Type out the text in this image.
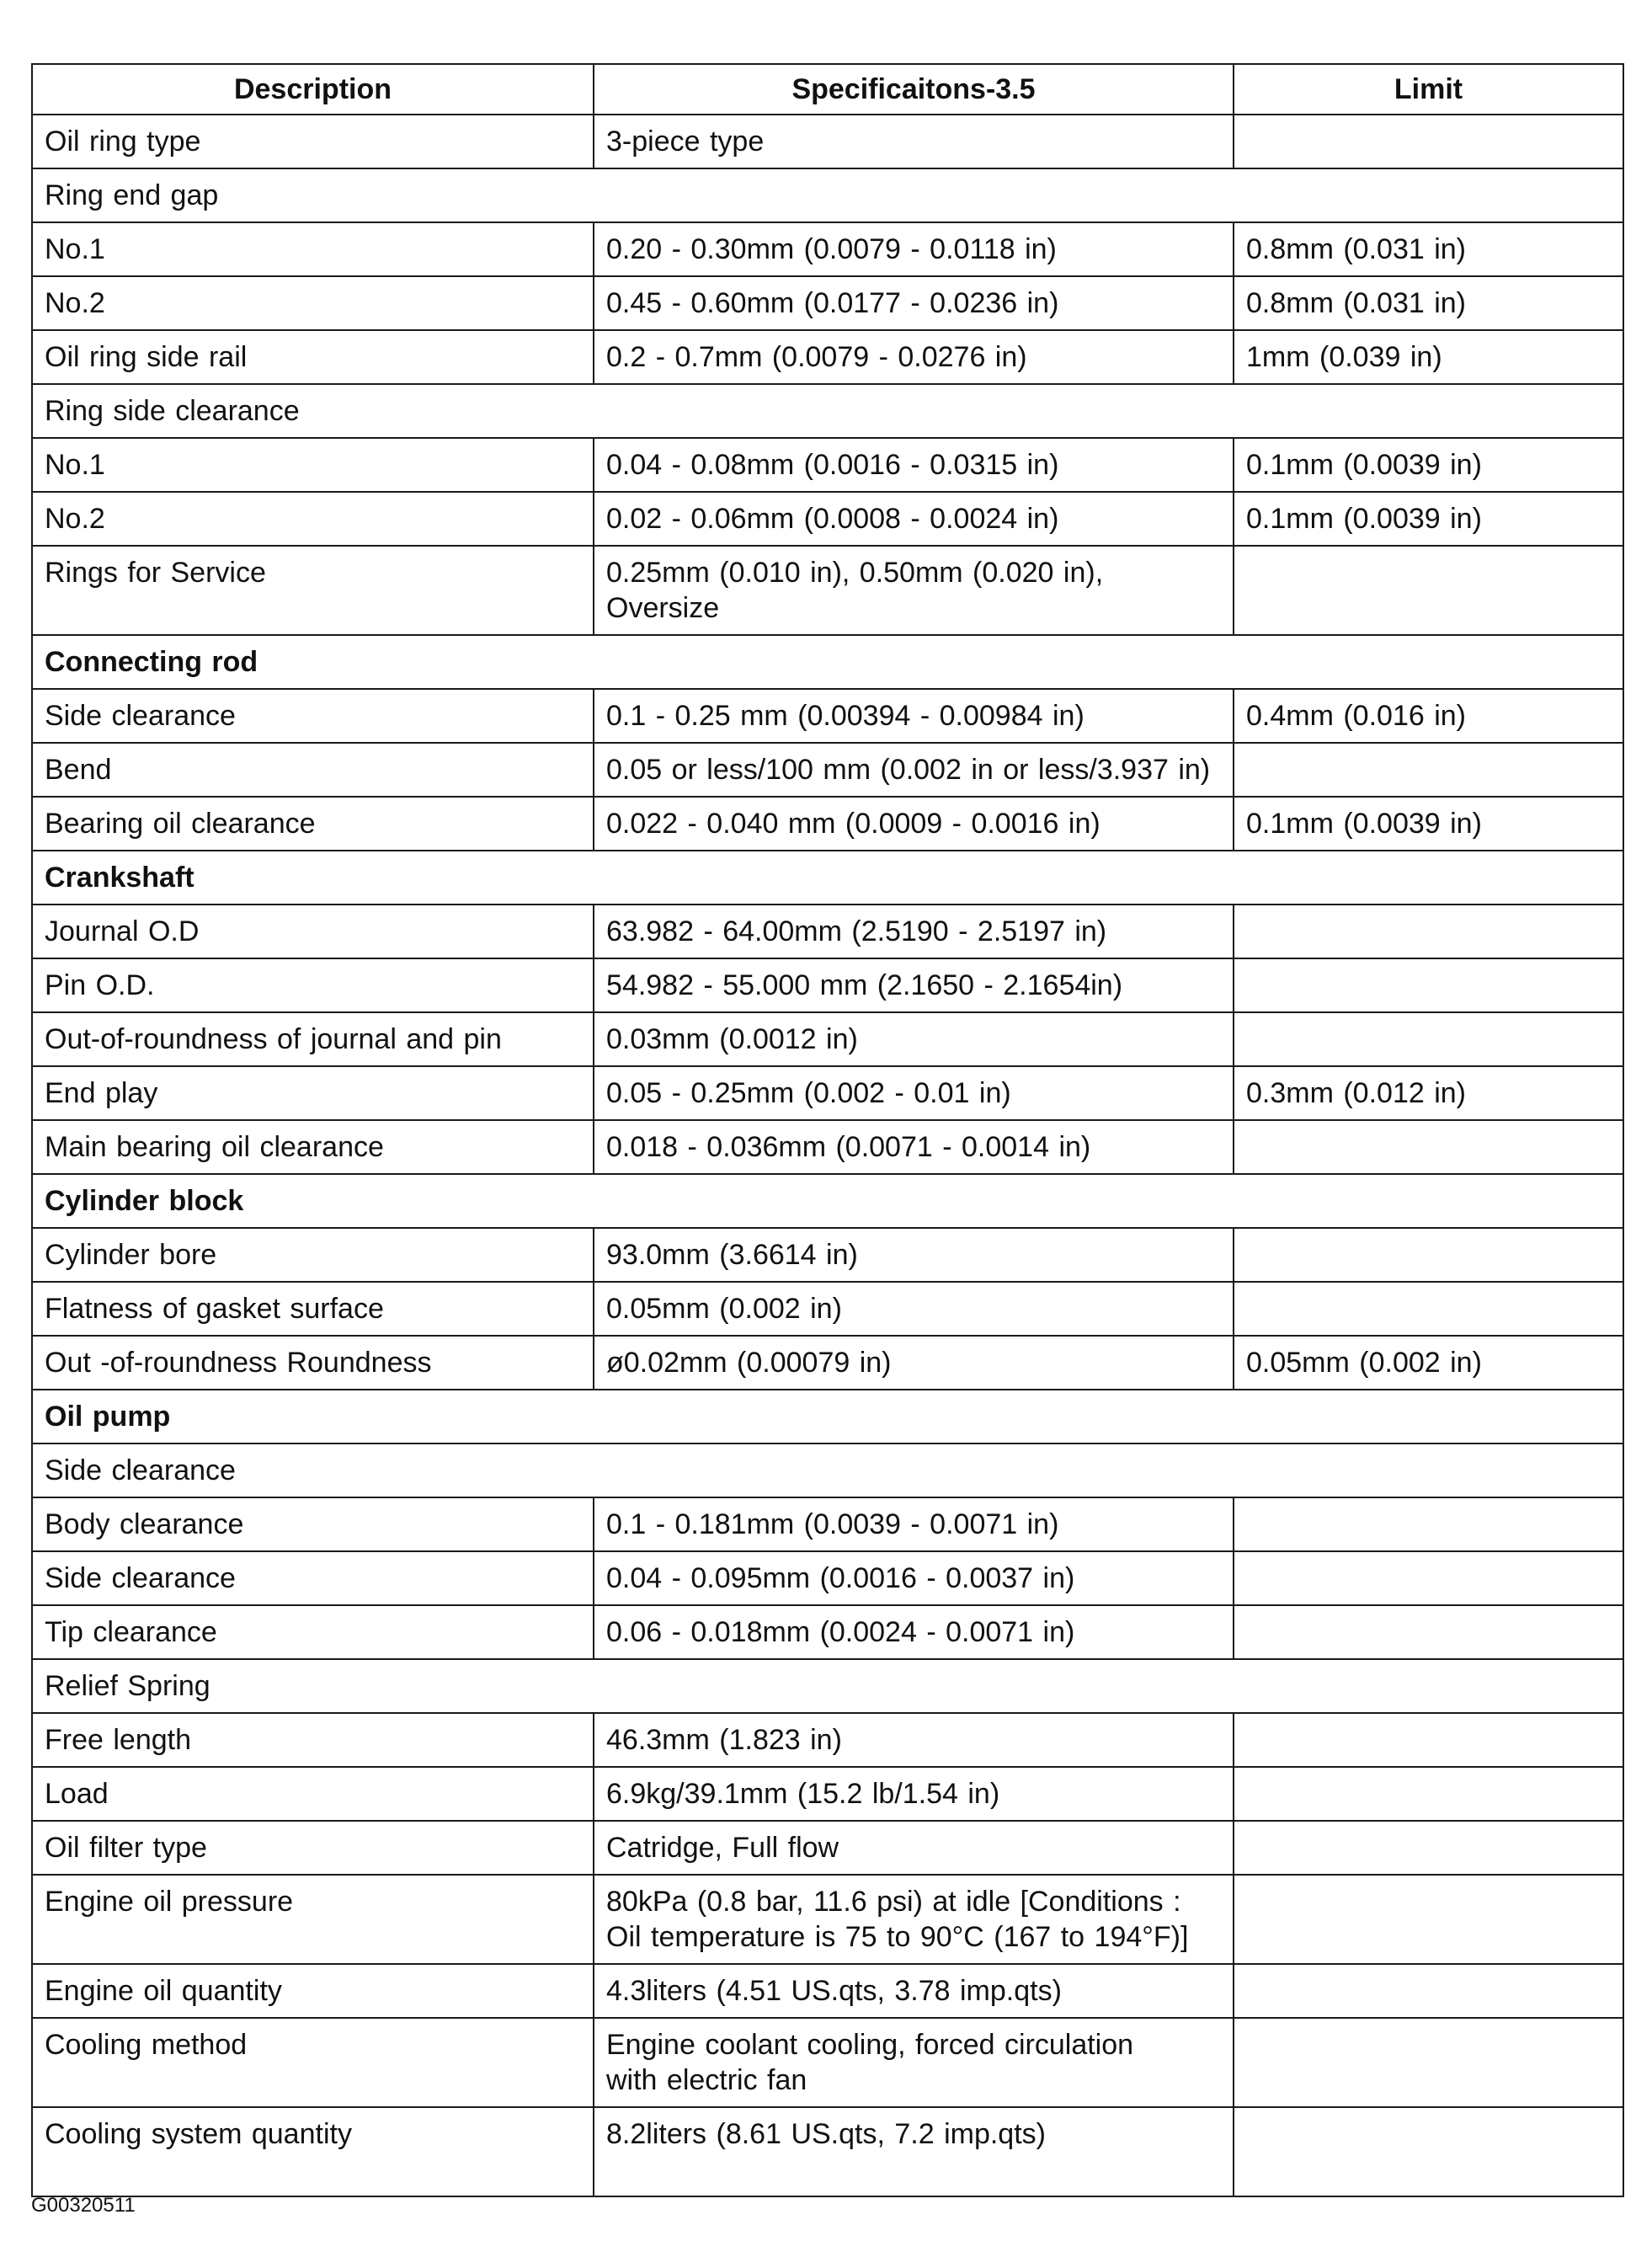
Description	Specificaitons-3.5	Limit
Oil ring type	3-piece type	
Ring end gap		
No.1	0.20 - 0.30mm (0.0079 - 0.0118 in)	0.8mm (0.031 in)
No.2	0.45 - 0.60mm (0.0177 - 0.0236 in)	0.8mm (0.031 in)
Oil ring side rail	0.2 - 0.7mm (0.0079 - 0.0276 in)	1mm (0.039 in)
Ring side clearance		
No.1	0.04 - 0.08mm (0.0016 - 0.0315 in)	0.1mm (0.0039 in)
No.2	0.02 - 0.06mm (0.0008 - 0.0024 in)	0.1mm (0.0039 in)
Rings for Service	0.25mm (0.010 in), 0.50mm (0.020 in),
Oversize	

Connecting rod		
Side clearance	0.1 - 0.25 mm (0.00394 - 0.00984 in)	0.4mm (0.016 in)
Bend	0.05 or less/100 mm (0.002 in or less/3.937 in)	
Bearing oil clearance	0.022 - 0.040 mm (0.0009 - 0.0016 in)	0.1mm (0.0039 in)
Crankshaft		
Journal O.D	63.982 - 64.00mm (2.5190 - 2.5197 in)	
Pin O.D.	54.982 - 55.000 mm (2.1650 - 2.1654in)	
Out-of-roundness of journal and pin	0.03mm (0.0012 in)	
End play	0.05 - 0.25mm (0.002 - 0.01 in)	0.3mm (0.012 in)
Main bearing oil clearance	0.018 - 0.036mm (0.0071 - 0.0014 in)	
Cylinder block		
Cylinder bore	93.0mm (3.6614 in)	
Flatness of gasket surface	0.05mm (0.002 in)	
Out -of-roundness Roundness	ø0.02mm (0.00079 in)	0.05mm (0.002 in)
Oil pump		
Side clearance		
Body clearance	0.1 - 0.181mm (0.0039 - 0.0071 in)	
Side clearance	0.04 - 0.095mm (0.0016 - 0.0037 in)	
Tip clearance	0.06 - 0.018mm (0.0024 - 0.0071 in)	
Relief Spring		
Free length	46.3mm (1.823 in)	
Load	6.9kg/39.1mm (15.2 lb/1.54 in)	
Oil filter type	Catridge, Full flow	
Engine oil pressure	80kPa (0.8 bar, 11.6 psi) at idle [Conditions :
Oil temperature is 75 to 90°C (167 to 194°F)]	

Engine oil quantity	4.3liters (4.51 US.qts, 3.78 imp.qts)	
Cooling method	Engine coolant cooling, forced circulation
with electric fan	

Cooling system quantity	8.2liters (8.61 US.qts, 7.2 imp.qts)	
G00320511
